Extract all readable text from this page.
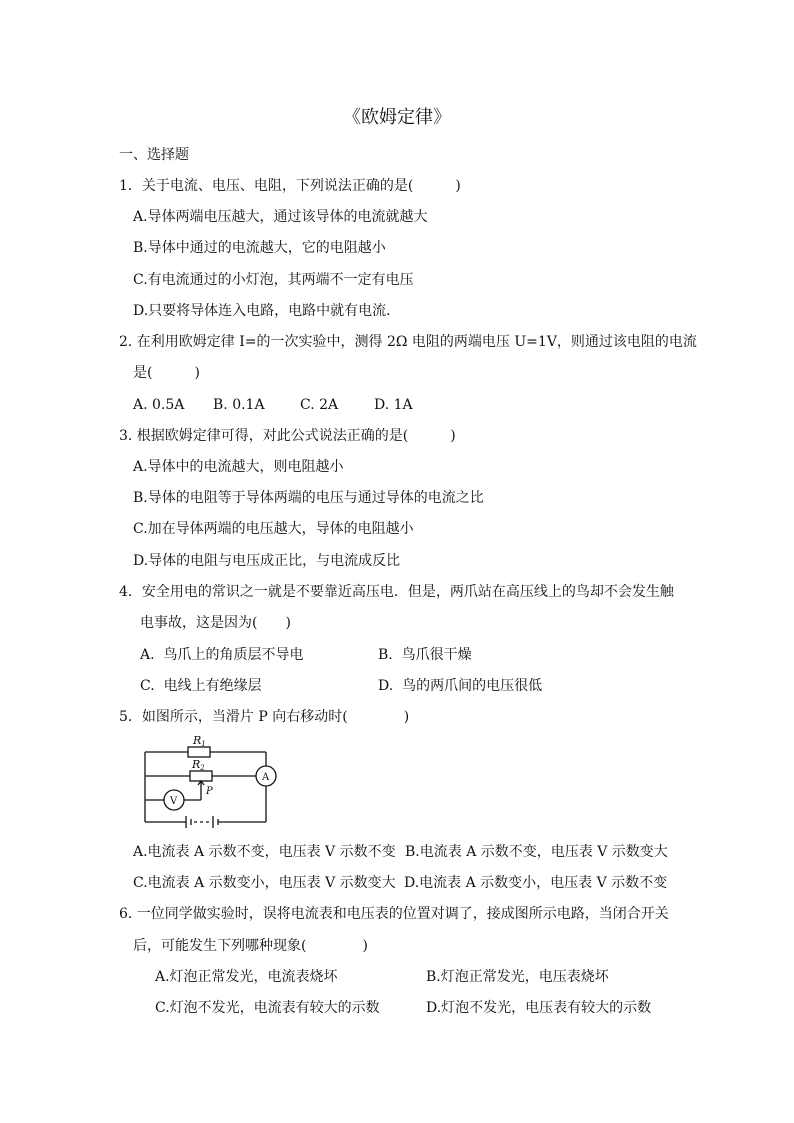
《欧姆定律》
一、选择题
1．关于电流、电压、电阻，下列说法正确的是(　　　)
A.导体两端电压越大，通过该导体的电流就越大
B.导体中通过的电流越大，它的电阻越小
C.有电流通过的小灯泡，其两端不一定有电压
D.只要将导体连入电路，电路中就有电流．
2. 在利用欧姆定律 I=的一次实验中，测得 2Ω 电阻的两端电压 U=1V，则通过该电阻的电流
是(　　　)
A. 0.5A B. 0.1A	C. 2A	D. 1A
3. 根据欧姆定律可得，对此公式说法正确的是(　　　)
A.导体中的电流越大，则电阻越小
B.导体的电阻等于导体两端的电压与通过导体的电流之比
C.加在导体两端的电压越大，导体的电阻越小
D.导体的电阻与电压成正比，与电流成反比
4．安全用电的常识之一就是不要靠近高压电．但是，两爪站在高压线上的鸟却不会发生触
电事故，这是因为(　　)
A.  鸟爪上的角质层不导电	B.  鸟爪很干燥
C.  电线上有绝缘层	D.  鸟的两爪间的电压很低
5．如图所示，当滑片 P 向右移动时(　　　　)
R1
R2
P
A
V
A.电流表 A 示数不变，电压表 V 示数不变 B.电流表 A 示数不变，电压表 V 示数变大
C.电流表 A 示数变小，电压表 V 示数变大 D.电流表 A 示数变小，电压表 V 示数不变
6. 一位同学做实验时，误将电流表和电压表的位置对调了，接成图所示电路，当闭合开关
后，可能发生下列哪种现象(　　　　)
A.灯泡正常发光，电流表烧坏	B.灯泡正常发光，电压表烧坏
C.灯泡不发光，电流表有较大的示数	D.灯泡不发光，电压表有较大的示数
